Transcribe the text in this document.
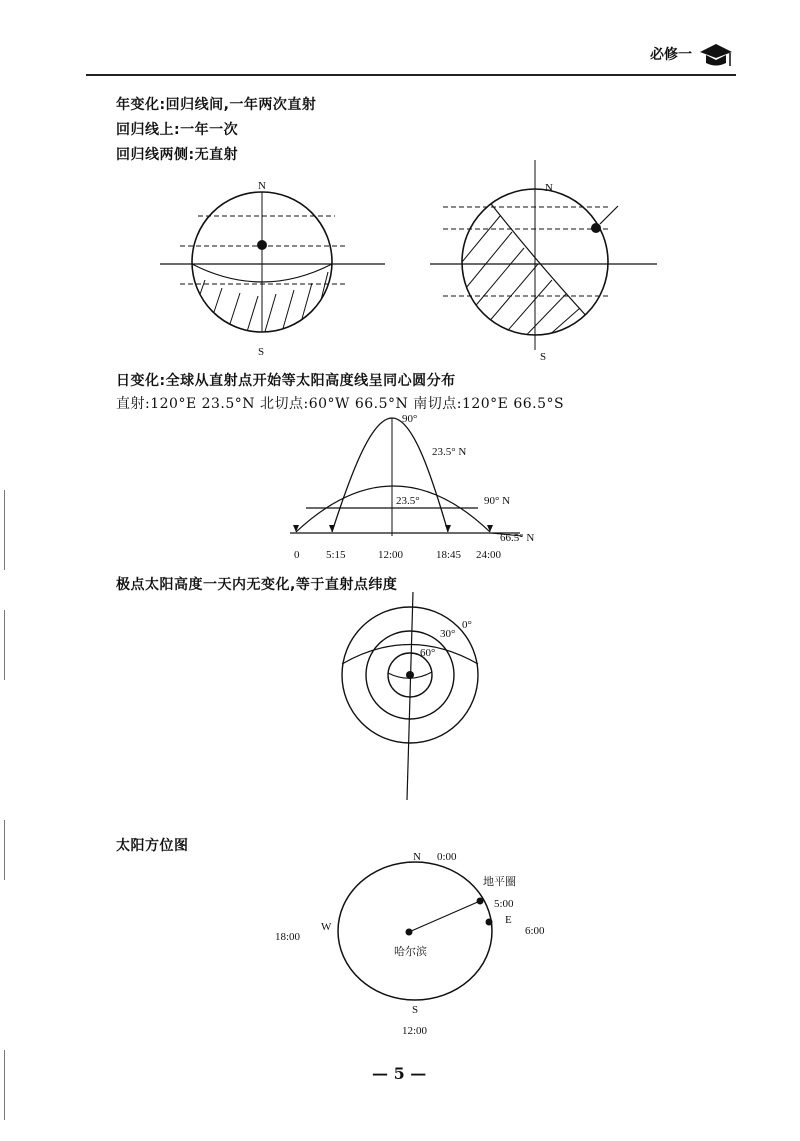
必修一
年变化:回归线间,一年两次直射
回归线上:一年一次
回归线两侧:无直射
日变化:全球从直射点开始等太阳高度线呈同心圆分布
直射:120°E 23.5°N 北切点:60°W 66.5°N 南切点:120°E 66.5°S
极点太阳高度一天内无变化,等于直射点纬度
太阳方位图
N
S
N
S
90°
23.5° N
23.5°	90° N
66.5° N
0 5:15	12:00	18:45 24:00
0°
30°
60°
N 0:00
地平圈
5:00
E
6:00
W
18:00
哈尔滨
S
12:00
— 5 —
